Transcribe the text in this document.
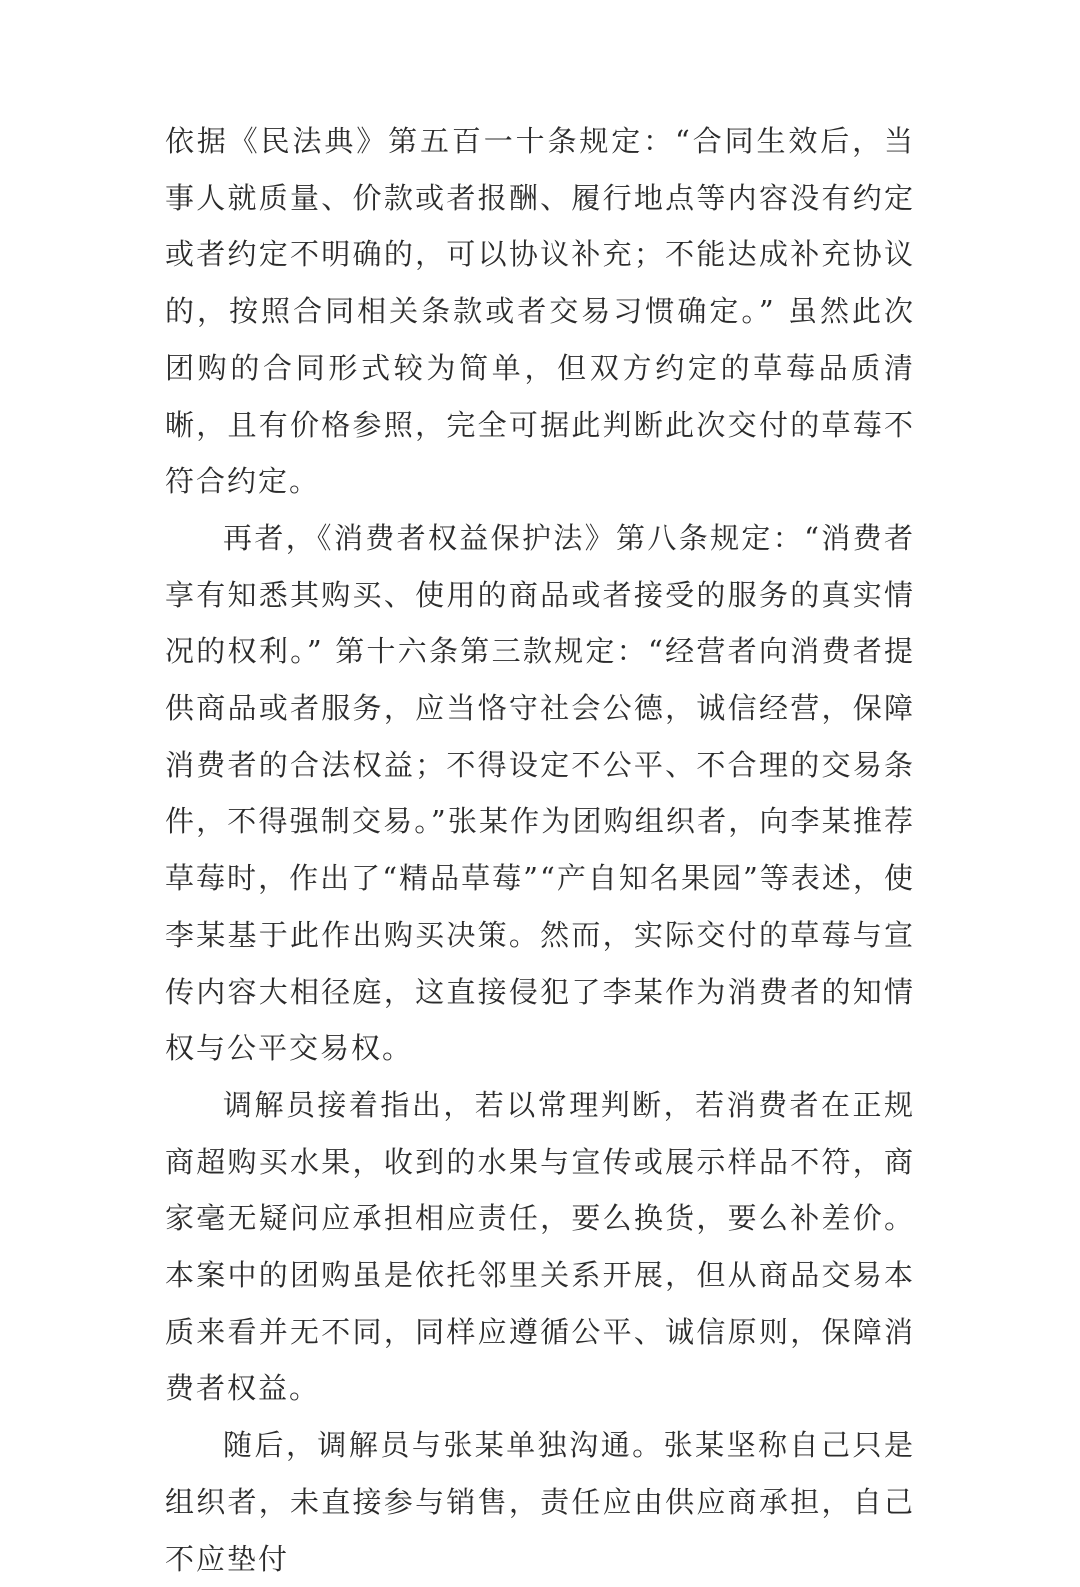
依据《民法典》第五百一十条规定：“合同生效后，当事人就质量、价款或者报酬、履行地点等内容没有约定或者约定不明确的，可以协议补充；不能达成补充协议的，按照合同相关条款或者交易习惯确定。” 虽然此次团购的合同形式较为简单，但双方约定的草莓品质清晰，且有价格参照，完全可据此判断此次交付的草莓不符合约定。

再者，《消费者权益保护法》第八条规定：“消费者享有知悉其购买、使用的商品或者接受的服务的真实情况的权利。” 第十六条第三款规定：“经营者向消费者提供商品或者服务，应当恪守社会公德，诚信经营，保障消费者的合法权益；不得设定不公平、不合理的交易条件，不得强制交易。”张某作为团购组织者，向李某推荐草莓时，作出了“精品草莓”“产自知名果园”等表述，使李某基于此作出购买决策。然而，实际交付的草莓与宣传内容大相径庭，这直接侵犯了李某作为消费者的知情权与公平交易权。

调解员接着指出，若以常理判断，若消费者在正规商超购买水果，收到的水果与宣传或展示样品不符，商家毫无疑问应承担相应责任，要么换货，要么补差价。本案中的团购虽是依托邻里关系开展，但从商品交易本质来看并无不同，同样应遵循公平、诚信原则，保障消费者权益。

随后，调解员与张某单独沟通。张某坚称自己只是组织者，未直接参与销售，责任应由供应商承担，自己不应垫付
